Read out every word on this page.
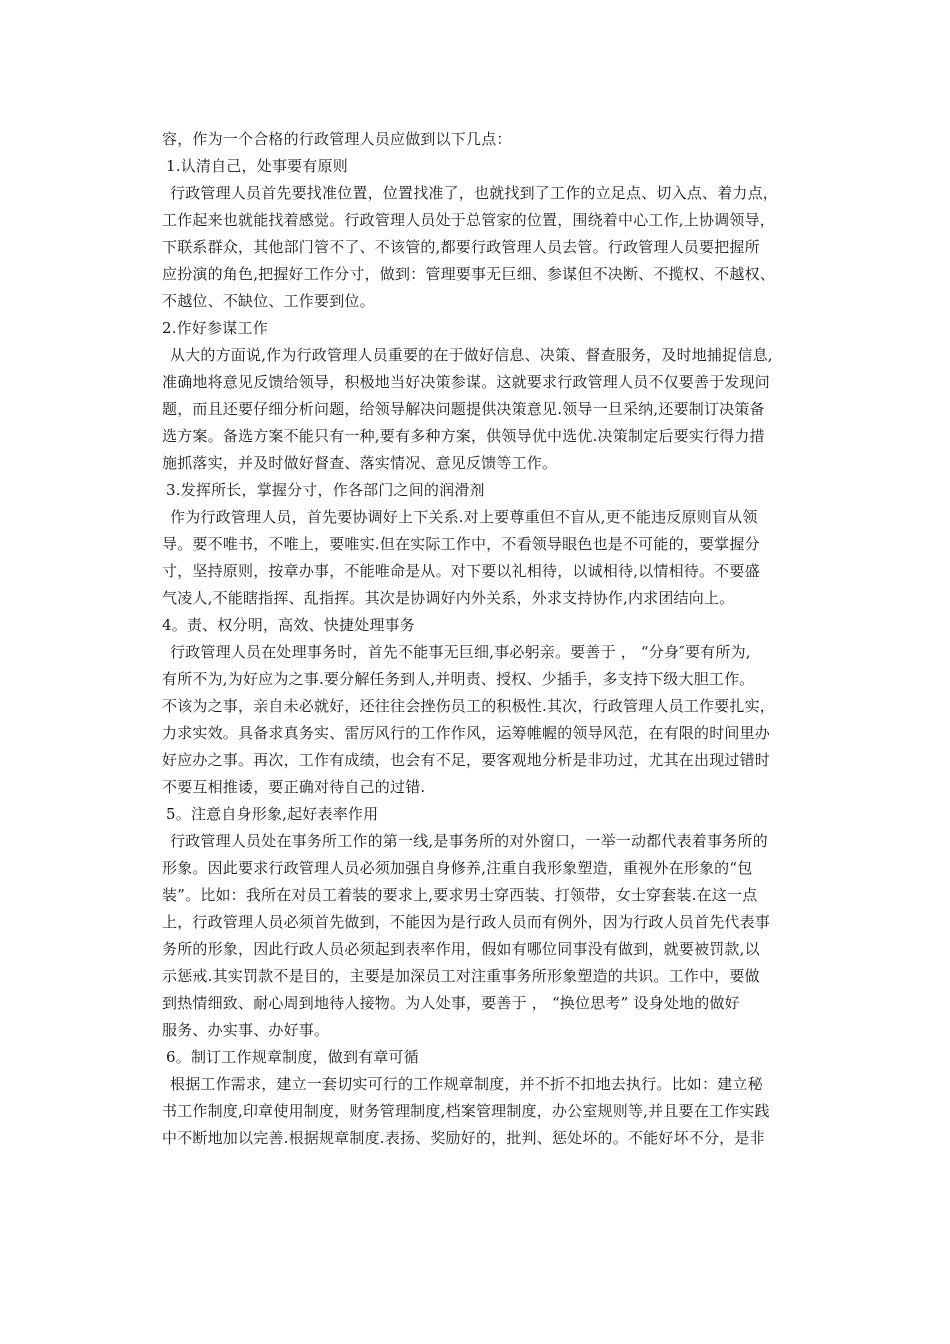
容，作为一个合格的行政管理人员应做到以下几点：
1.认清自己，处事要有原则
行政管理人员首先要找准位置，位置找准了，也就找到了工作的立足点、切入点、着力点，
工作起来也就能找着感觉。行政管理人员处于总管家的位置，围绕着中心工作,上协调领导，
下联系群众，其他部门管不了、不该管的,都要行政管理人员去管。行政管理人员要把握所
应扮演的角色,把握好工作分寸，做到：管理要事无巨细、参谋但不决断、不揽权、不越权、
不越位、不缺位、工作要到位。
2.作好参谋工作
从大的方面说,作为行政管理人员重要的在于做好信息、决策、督查服务，及时地捕捉信息,
准确地将意见反馈给领导，积极地当好决策参谋。这就要求行政管理人员不仅要善于发现问
题，而且还要仔细分析问题，给领导解决问题提供决策意见.领导一旦采纳,还要制订决策备
选方案。备选方案不能只有一种,要有多种方案，供领导优中选优.决策制定后要实行得力措
施抓落实，并及时做好督查、落实情况、意见反馈等工作。
3.发挥所长，掌握分寸，作各部门之间的润滑剂
作为行政管理人员，首先要协调好上下关系.对上要尊重但不盲从,更不能违反原则盲从领
导。要不唯书，不唯上，要唯实.但在实际工作中，不看领导眼色也是不可能的，要掌握分
寸，坚持原则，按章办事，不能唯命是从。对下要以礼相待，以诚相待,以情相待。不要盛
气凌人,不能瞎指挥、乱指挥。其次是协调好内外关系，外求支持协作,内求团结向上。
4。责、权分明，高效、快捷处理事务
行政管理人员在处理事务时，首先不能事无巨细,事必躬亲。要善于 ， “分身″要有所为,
有所不为,为好应为之事.要分解任务到人,并明责、授权、少插手，多支持下级大胆工作。
不该为之事，亲自未必就好，还往往会挫伤员工的积极性.其次，行政管理人员工作要扎实，
力求实效。具备求真务实、雷厉风行的工作作风，运筹帷幄的领导风范，在有限的时间里办
好应办之事。再次，工作有成绩，也会有不足，要客观地分析是非功过，尤其在出现过错时
不要互相推诿，要正确对待自己的过错.
5。注意自身形象,起好表率作用
行政管理人员处在事务所工作的第一线,是事务所的对外窗口，一举一动都代表着事务所的
形象。因此要求行政管理人员必须加强自身修养,注重自我形象塑造，重视外在形象的“包
装”。比如：我所在对员工着装的要求上,要求男士穿西装、打领带，女士穿套装.在这一点
上，行政管理人员必须首先做到，不能因为是行政人员而有例外，因为行政人员首先代表事
务所的形象，因此行政人员必须起到表率作用，假如有哪位同事没有做到，就要被罚款,以
示惩戒.其实罚款不是目的，主要是加深员工对注重事务所形象塑造的共识。工作中，要做
到热情细致、耐心周到地待人接物。为人处事，要善于 ， “换位思考” 设身处地的做好
服务、办实事、办好事。
6。制订工作规章制度，做到有章可循
根据工作需求，建立一套切实可行的工作规章制度，并不折不扣地去执行。比如：建立秘
书工作制度,印章使用制度，财务管理制度,档案管理制度，办公室规则等,并且要在工作实践
中不断地加以完善.根据规章制度.表扬、奖励好的，批判、惩处坏的。不能好坏不分，是非
